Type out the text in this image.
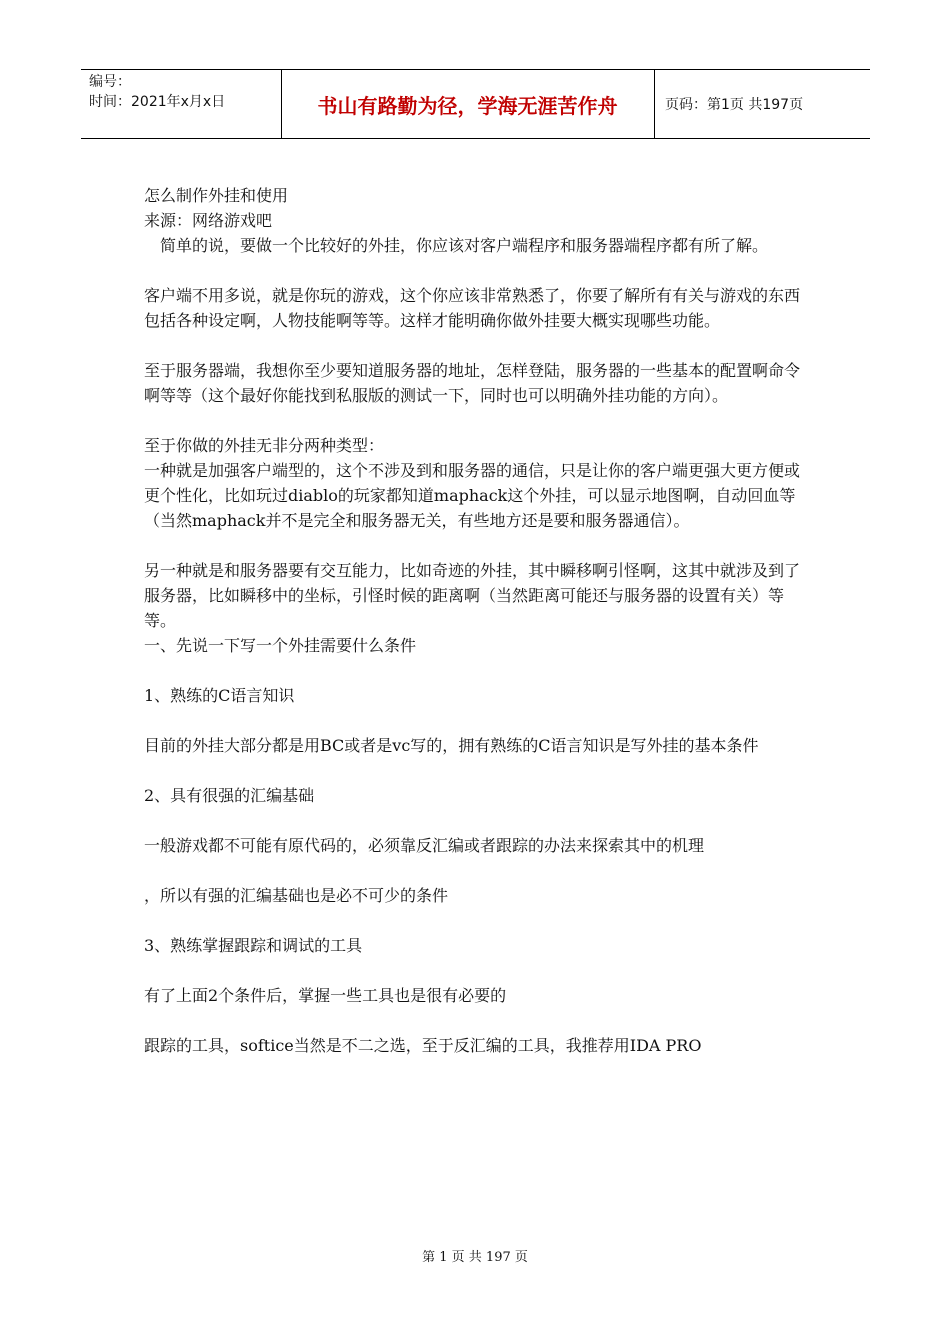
编号：
时间：2021年x月x日	书山有路勤为径，学海无涯苦作舟	页码：第1页 共197页

怎么制作外挂和使用

来源：网络游戏吧

　简单的说，要做一个比较好的外挂，你应该对客户端程序和服务器端程序都有所了解。

客户端不用多说，就是你玩的游戏，这个你应该非常熟悉了，你要了解所有有关与游戏的东西包括各种设定啊，人物技能啊等等。这样才能明确你做外挂要大概实现哪些功能。

至于服务器端，我想你至少要知道服务器的地址，怎样登陆，服务器的一些基本的配置啊命令啊等等（这个最好你能找到私服版的测试一下，同时也可以明确外挂功能的方向）。

至于你做的外挂无非分两种类型：

一种就是加强客户端型的，这个不涉及到和服务器的通信，只是让你的客户端更强大更方便或更个性化，比如玩过diablo的玩家都知道maphack这个外挂，可以显示地图啊，自动回血等（当然maphack并不是完全和服务器无关，有些地方还是要和服务器通信）。

另一种就是和服务器要有交互能力，比如奇迹的外挂，其中瞬移啊引怪啊，这其中就涉及到了服务器，比如瞬移中的坐标，引怪时候的距离啊（当然距离可能还与服务器的设置有关）等等。

一、先说一下写一个外挂需要什么条件

1、熟练的C语言知识

目前的外挂大部分都是用BC或者是vc写的，拥有熟练的C语言知识是写外挂的基本条件

2、具有很强的汇编基础

一般游戏都不可能有原代码的，必须靠反汇编或者跟踪的办法来探索其中的机理

，所以有强的汇编基础也是必不可少的条件

3、熟练掌握跟踪和调试的工具

有了上面2个条件后，掌握一些工具也是很有必要的

跟踪的工具，softice当然是不二之选，至于反汇编的工具，我推荐用IDA PRO

第 1 页 共 197 页
